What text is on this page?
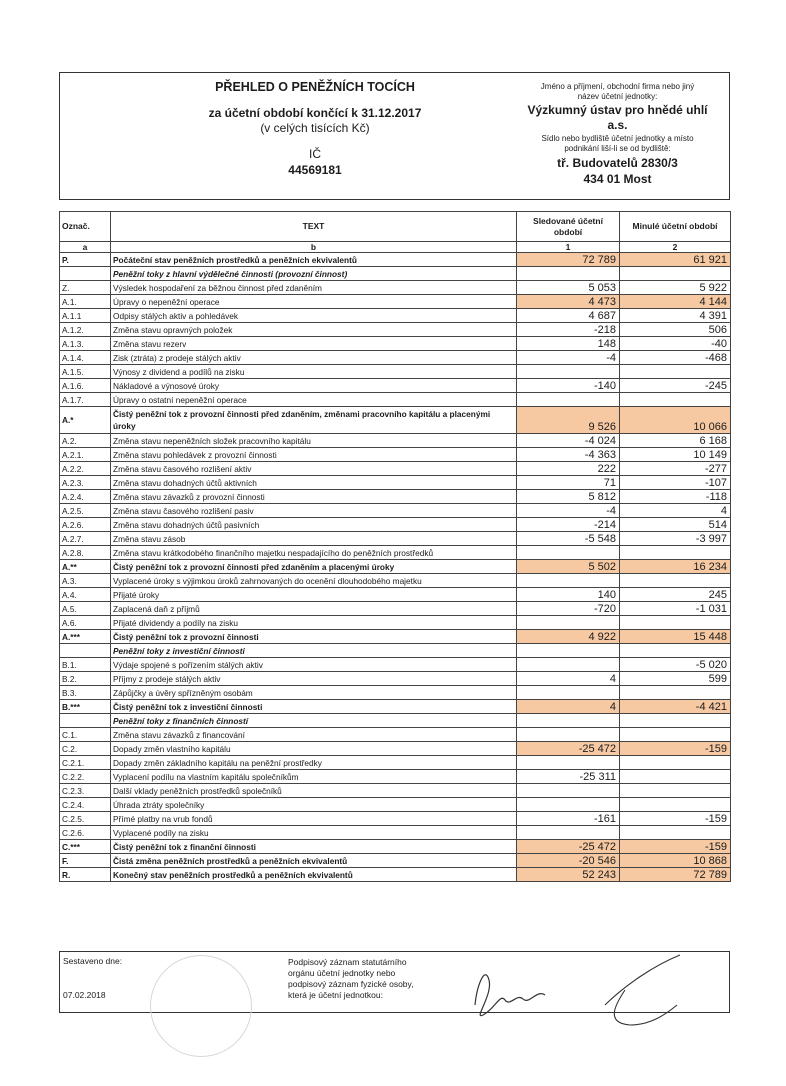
PŘEHLED O PENĚŽNÍCH TOCÍCH
za účetní období končící k 31.12.2017
(v celých tisících Kč)
IČ
44569181
Jméno a příjmení, obchodní firma nebo jiný
název účetní jednotky:
Výzkumný ústav pro hnědé uhlí
a.s.
Sídlo nebo bydliště účetní jednotky a místo
podnikání liší-li se od bydliště:
tř. Budovatelů 2830/3
434 01 Most
Označ.	TEXT	Sledované účetní období	Minulé účetní období
a	b	1	2
P.	Počáteční stav peněžních prostředků a peněžních ekvivalentů	72 789	61 921
	Peněžní toky z hlavní výdělečné činnosti (provozní činnost)		
Z.	Výsledek hospodaření za běžnou činnost před zdaněním	5 053	5 922
A.1.	Úpravy o nepeněžní operace	4 473	4 144
A.1.1	Odpisy stálých aktiv a pohledávek	4 687	4 391
A.1.2.	Změna stavu opravných položek	-218	506
A.1.3.	Změna stavu rezerv	148	-40
A.1.4.	Zisk (ztráta) z prodeje stálých aktiv	-4	-468
A.1.5.	Výnosy z dividend a podílů na zisku		
A.1.6.	Nákladové a výnosové úroky	-140	-245
A.1.7.	Úpravy o ostatní nepeněžní operace		
A.*	Čistý peněžní tok z provozní činnosti před zdaněním, změnami pracovního kapitálu a placenými úroky	9 526	10 066
A.2.	Změna stavu nepeněžních složek pracovního kapitálu	-4 024	6 168
A.2.1.	Změna stavu pohledávek z provozní činnosti	-4 363	10 149
A.2.2.	Změna stavu časového rozlišení aktiv	222	-277
A.2.3.	Změna stavu dohadných účtů aktivních	71	-107
A.2.4.	Změna stavu závazků z provozní činnosti	5 812	-118
A.2.5.	Změna stavu časového rozlišení pasiv	-4	4
A.2.6.	Změna stavu dohadných účtů pasivních	-214	514
A.2.7.	Změna stavu zásob	-5 548	-3 997
A.2.8.	Změna stavu krátkodobého finančního majetku nespadajícího do peněžních prostředků		
A.**	Čistý peněžní tok z provozní činnosti před zdaněním a placenými úroky	5 502	16 234
A.3.	Vyplacené úroky s výjimkou úroků zahrnovaných do ocenění dlouhodobého majetku		
A.4.	Přijaté úroky	140	245
A.5.	Zaplacená daň z příjmů	-720	-1 031
A.6.	Přijaté dividendy a podíly na zisku		
A.***	Čistý peněžní tok z provozní činnosti	4 922	15 448
	Peněžní toky z investiční činnosti		
B.1.	Výdaje spojené s pořízením stálých aktiv		-5 020
B.2.	Příjmy z prodeje stálých aktiv	4	599
B.3.	Zápůjčky a úvěry spřízněným osobám		
B.***	Čistý peněžní tok z investiční činnosti	4	-4 421
	Peněžní toky z finančních činností		
C.1.	Změna stavu závazků z financování		
C.2.	Dopady změn vlastního kapitálu	-25 472	-159
C.2.1.	Dopady změn základního kapitálu na peněžní prostředky		
C.2.2.	Vyplacení podílu na vlastním kapitálu společníkům	-25 311	
C.2.3.	Další vklady peněžních prostředků společníků		
C.2.4.	Úhrada ztráty společníky		
C.2.5.	Přímé platby na vrub fondů	-161	-159
C.2.6.	Vyplacené podíly na zisku		
C.***	Čistý peněžní tok z finanční činnosti	-25 472	-159
F.	Čistá změna peněžních prostředků a peněžních ekvivalentů	-20 546	10 868
R.	Konečný stav peněžních prostředků a peněžních ekvivalentů	52 243	72 789
Sestaveno dne:
07.02.2018
Podpisový záznam statutárního
orgánu účetní jednotky nebo
podpisový záznam fyzické osoby,
která je účetní jednotkou:
